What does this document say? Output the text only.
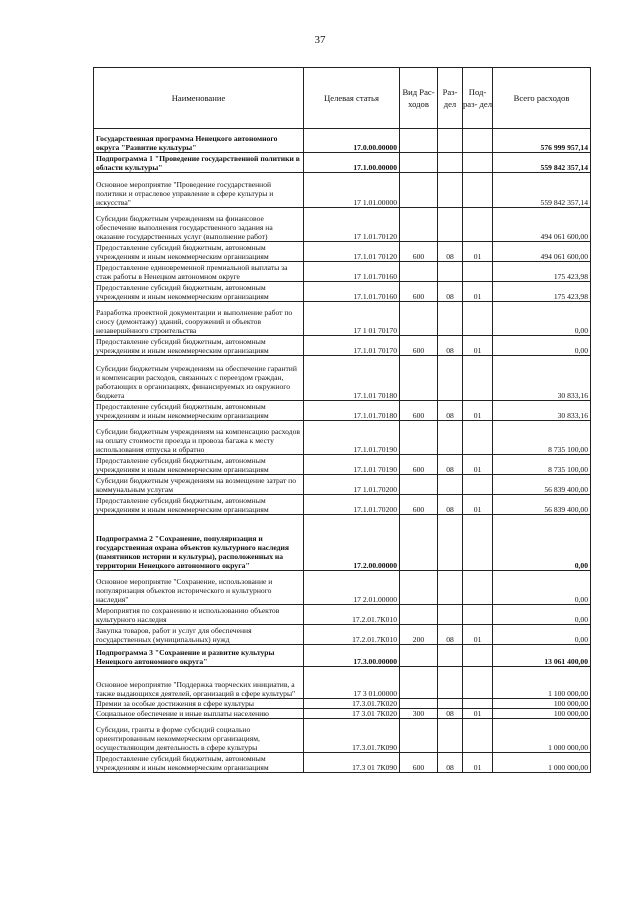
37
Наименование	Целевая статья	Вид Рас- ходов	Раз- дел	Под- раз- дел	Всего расходов
Государственная программа Ненецкого автономного округа "Развитие культуры"	17.0.00.00000				576 999 957,14
Подпрограмма 1 "Проведение государственной политики в области культуры"	17.1.00.00000				559 842 357,14
Основное мероприятие "Проведение государственной политики и отраслевое управление в сфере культуры и искусства"	17 1.01.00000				559 842 357,14
Субсидии бюджетным учреждениям на финансовое обеспечение выполнения государственного задания на оказание государственных услуг (выполнение работ)	17 1.01.70120				494 061 600,00
Предоставление субсидий бюджетным, автономным учреждениям и иным некоммерческим организациям	17.1.01 70120	600	08	01	494 061 600,00
Предоставление единовременной премиальной выплаты за стаж работы в Ненецком автономном округе	17 1.01.70160				175 423,98
Предоставление субсидий бюджетным, автономным учреждениям и иным некоммерческим организациям	17.1.01.70160	600	08	01	175 423,98
Разработка проектной документации и выполнение работ по сносу (демонтажу) зданий, сооружений и объектов незавершённого строительства	17 1 01 70170				0,00
Предоставление субсидий бюджетным, автономным учреждениям и иным некоммерческим организациям	17.1.01 70170	600	08	01	0,00
Субсидии бюджетным учреждениям на обеспечение гарантий и компенсации расходов, связанных с переездом граждан, работающих в организациях, финансируемых из окружного бюджета	17.1.01 70180				30 833,16
Предоставление субсидий бюджетным, автономным учреждениям и иным некоммерческим организациям	17.1.01.70180	600	08	01	30 833,16
Субсидии бюджетным учреждениям на компенсацию расходов на оплату стоимости проезда и провоза багажа к месту использования отпуска и обратно	17.1.01.70190				8 735 100,00
Предоставление субсидий бюджетным, автономным учреждениям и иным некоммерческим организациям	17.1.01 70190	600	08	01	8 735 100,00
Субсидии бюджетным учреждениям на возмещение затрат по коммунальным услугам	17 1.01.70200				56 839 400,00
Предоставление субсидий бюджетным, автономным учреждениям и иным некоммерческим организациям	17.1.01.70200	600	08	01	56 839 400,00
Подпрограмма 2 "Сохранение, популяризация и государственная охрана объектов культурного наследия (памятников истории и культуры), расположенных на территории Ненецкого автономного округа"	17.2.00.00000				0,00
Основное мероприятие "Сохранение, использование и популяризация объектов исторического и культурного наследия"	17 2.01.00000				0,00
Мероприятия по сохранению и использованию объектов культурного наследия	17.2.01.7К010				0,00
Закупка товаров, работ и услуг для обеспечения государственных (муниципальных) нужд	17.2.01.7К010	200	08	01	0,00
Подпрограмма 3 "Сохранение и развитие культуры Ненецкого автономного округа"	17.3.00.00000				13 061 400,00
Основное мероприятие "Поддержка творческих инициатив, а также выдающихся деятелей, организаций в сфере культуры"	17 3 01.00000				1 100 000,00
Премии за особые достижения в сфере культуры	17.3.01.7К020				100 000,00
Социальное обеспечение и иные выплаты населению	17 3.01 7К020	300	08	01	100 000,00
Субсидии, гранты в форме субсидий социально ориентированным некоммерческим организациям, осуществляющим деятельность в сфере культуры	17.3.01.7К090				1 000 000,00
Предоставление субсидий бюджетным, автономным учреждениям и иным некоммерческим организациям	17.3 01 7К090	600	08	01	1 000 000,00
